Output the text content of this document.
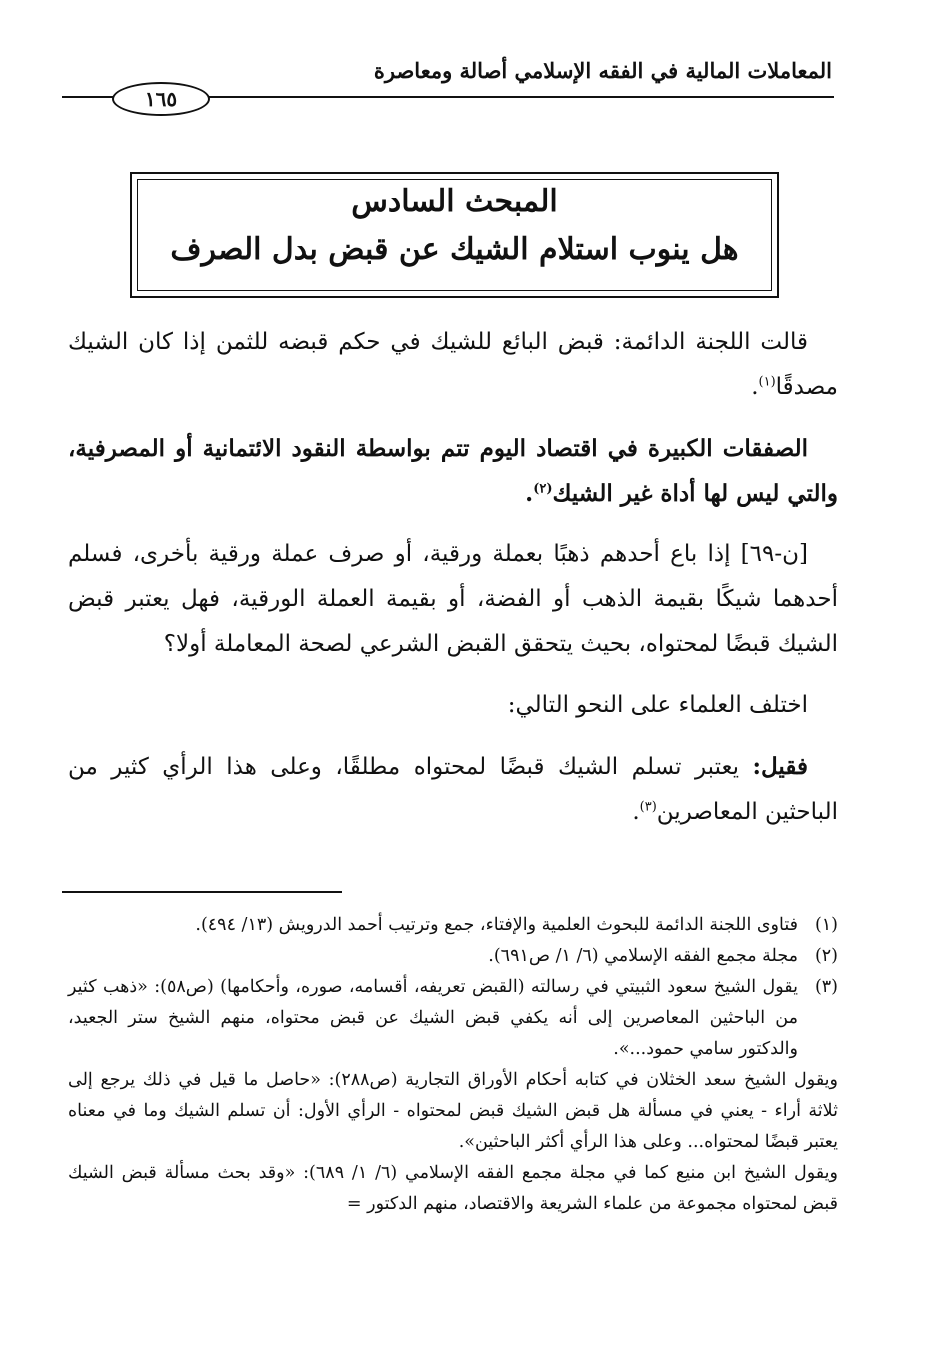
المعاملات المالية في الفقه الإسلامي أصالة ومعاصرة
١٦٥
المبحث السادس
هل ينوب استلام الشيك عن قبض بدل الصرف

قالت اللجنة الدائمة: قبض البائع للشيك في حكم قبضه للثمن إذا كان الشيك مصدقًا$^{(١)}$.

الصفقات الكبيرة في اقتصاد اليوم تتم بواسطة النقود الائتمانية أو المصرفية، والتي ليس لها أداة غير الشيك$^{(٢)}$.

[ن-٦٩] إذا باع أحدهم ذهبًا بعملة ورقية، أو صرف عملة ورقية بأخرى، فسلم أحدهما شيكًا بقيمة الذهب أو الفضة، أو بقيمة العملة الورقية، فهل يعتبر قبض الشيك قبضًا لمحتواه، بحيث يتحقق القبض الشرعي لصحة المعاملة أولا؟

اختلف العلماء على النحو التالي:

فقيل: يعتبر تسلم الشيك قبضًا لمحتواه مطلقًا، وعلى هذا الرأي كثير من الباحثين المعاصرين$^{(٣)}$.

(١)
فتاوى اللجنة الدائمة للبحوث العلمية والإفتاء، جمع وترتيب أحمد الدرويش (١٣/ ٤٩٤).
(٢)
مجلة مجمع الفقه الإسلامي (٦/ ١/ ص٦٩١).
(٣)
يقول الشيخ سعود الثبيتي في رسالته (القبض تعريفه، أقسامه، صوره، وأحكامها) (ص٥٨): «ذهب كثير من الباحثين المعاصرين إلى أنه يكفي قبض الشيك عن قبض محتواه، منهم الشيخ ستر الجعيد، والدكتور سامي حمود...».

ويقول الشيخ سعد الخثلان في كتابه أحكام الأوراق التجارية (ص٢٨٨): «حاصل ما قيل في ذلك يرجع إلى ثلاثة أراء - يعني في مسألة هل قبض الشيك قبض لمحتواه - الرأي الأول: أن تسلم الشيك وما في معناه يعتبر قبضًا لمحتواه... وعلى هذا الرأي أكثر الباحثين».

ويقول الشيخ ابن منيع كما في مجلة مجمع الفقه الإسلامي (٦/ ١/ ٦٨٩): «وقد بحث مسألة قبض الشيك قبض لمحتواه مجموعة من علماء الشريعة والاقتصاد، منهم الدكتور =
